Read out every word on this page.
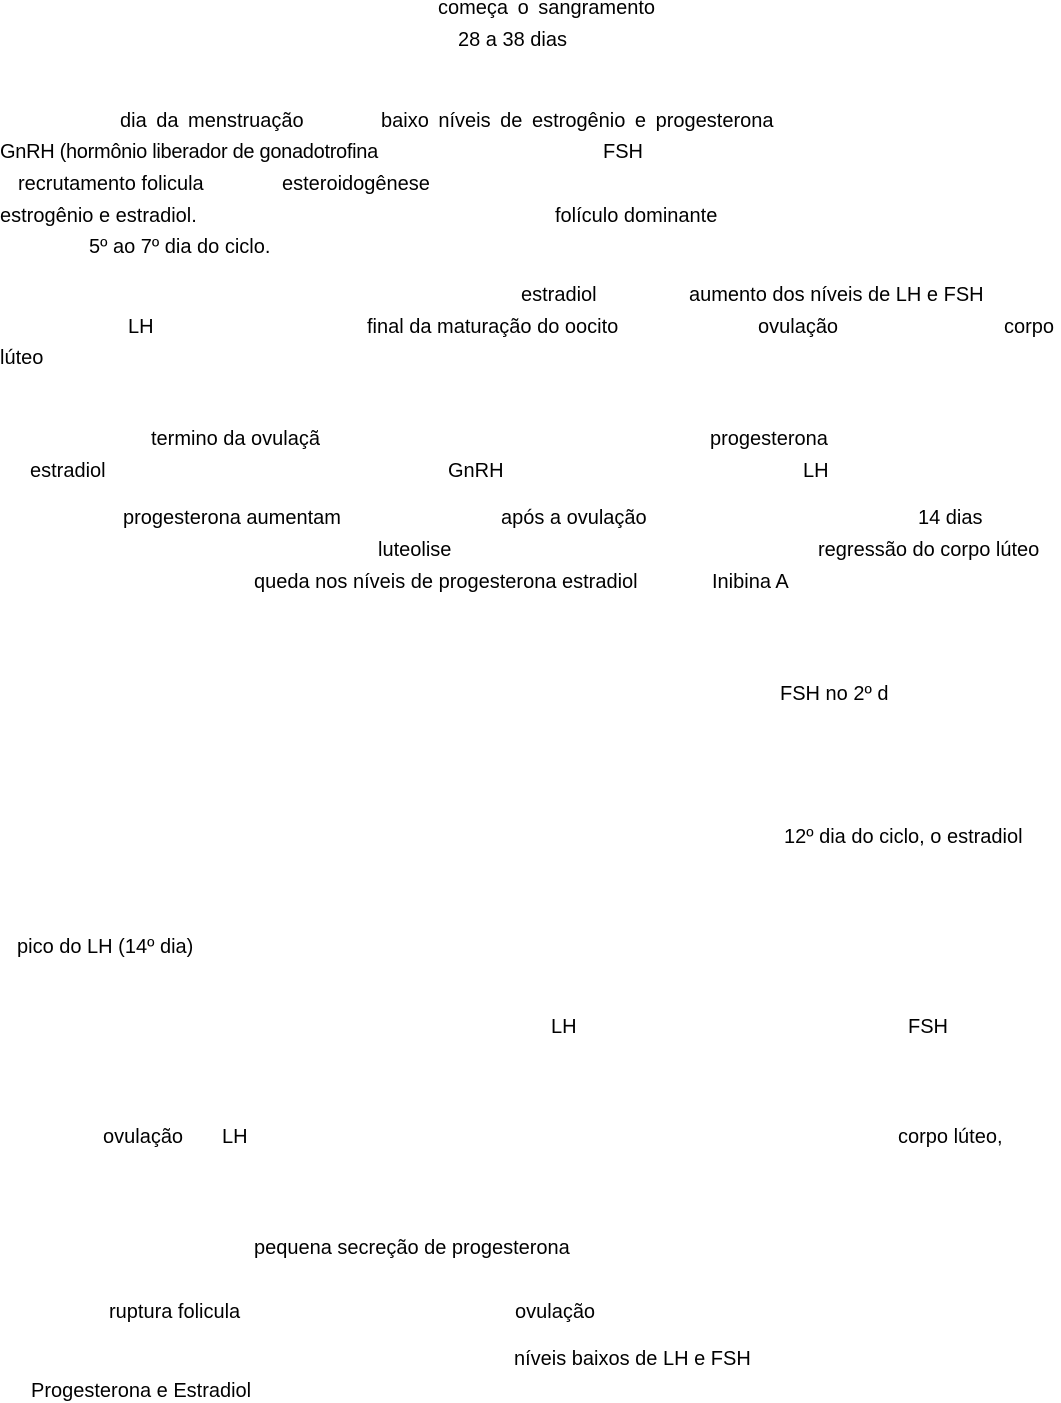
começa o sangramento
28 a 38 dias
dia da menstruação	baixo níveis de estrogênio e progesterona
GnRH (hormônio liberador de gonadotrofina	FSH
recrutamento folicula	esteroidogênese
estrogênio e estradiol.	folículo dominante
5º ao 7º dia do ciclo.
estradiol	aumento dos níveis de LH e FSH
LH	final da maturação do oocito	ovulação	corpo
lúteo
termino da ovulaçã	progesterona
estradiol	GnRH	LH
progesterona aumentam	após a ovulação	14 dias
luteolise	regressão do corpo lúteo
queda nos níveis de progesterona estradiol	Inibina A
FSH no 2º d
12º dia do ciclo, o estradiol
pico do LH (14º dia)
LH	FSH
ovulação LH	corpo lúteo,
pequena secreção de progesterona
ruptura folicula	ovulação
níveis baixos de LH e FSH
Progesterona e Estradiol
